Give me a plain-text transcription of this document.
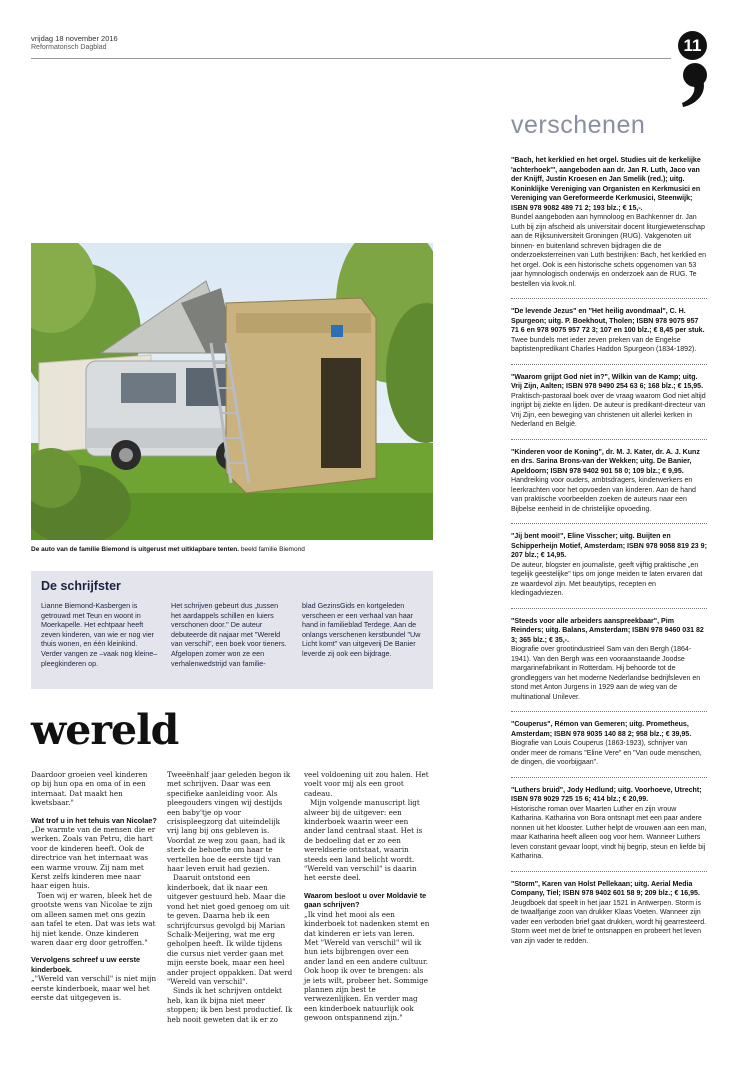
vrijdag 18 november 2016
Reformatorisch Dagblad	11
verschenen
"Bach, het kerklied en het orgel. Studies uit de kerkelijke 'achterhoek'", aangeboden aan dr. Jan R. Luth, Jaco van der Knijff, Justin Kroesen en Jan Smelik (red.); uitg. Koninklijke Vereniging van Organisten en Kerkmusici en Vereniging van Gereformeerde Kerkmusici, Steenwijk; ISBN 978 9082 489 71 2; 193 blz.; € 15,-.
Bundel aangeboden aan hymnoloog en Bachkenner dr. Jan Luth bij zijn afscheid als universitair docent liturgiewetenschap aan de Rijksuniversiteit Groningen (RUG). Vakgenoten uit binnen- en buitenland schreven bijdragen die de onderzoeksterreinen van Luth bestrijken: Bach, het kerklied en het orgel. Ook is een historische schets opgenomen van 53 jaar hymnologisch onderwijs en onderzoek aan de RUG. Te bestellen via kvok.nl.
"De levende Jezus" en "Het heilig avondmaal", C. H. Spurgeon; uitg. P. Boekhout, Tholen; ISBN 978 9075 957 71 6 en 978 9075 957 72 3; 107 en 100 blz.; € 8,45 per stuk.
Twee bundels met ieder zeven preken van de Engelse baptistenpredikant Charles Haddon Spurgeon (1834-1892).
"Waarom grijpt God niet in?", Wilkin van de Kamp; uitg. Vrij Zijn, Aalten; ISBN 978 9490 254 63 6; 168 blz.; € 15,95.
Praktisch-pastoraal boek over de vraag waarom God niet altijd ingrijpt bij ziekte en lijden. De auteur is predikant-directeur van Vrij Zijn, een beweging van christenen uit allerlei kerken in Nederland en België.
"Kinderen voor de Koning", dr. M. J. Kater, dr. A. J. Kunz en drs. Sarina Brons-van der Wekken; uitg. De Banier, Apeldoorn; ISBN 978 9402 901 58 0; 109 blz.; € 9,95.
Handreiking voor ouders, ambtsdragers, kinderwerkers en leerkrachten voor het opvoeden van kinderen. Aan de hand van praktische voorbeelden zoeken de auteurs naar een Bijbelse eenheid in de christelijke opvoeding.
"Jij bent mooi!", Eline Visscher; uitg. Buijten en Schipperheijn Motief, Amsterdam; ISBN 978 9058 819 23 9; 207 blz.; € 14,95.
De auteur, blogster en journaliste, geeft vijftig praktische „en tegelijk geestelijke" tips om jonge meiden te laten ervaren dat ze waardevol zijn. Met beautytips, recepten en kledingadviezen.
"Steeds voor alle arbeiders aanspreekbaar", Pim Reinders; uitg. Balans, Amsterdam; ISBN 978 9460 031 82 3; 365 blz.; € 35,-.
Biografie over grootindustrieel Sam van den Bergh (1864-1941). Van den Bergh was een vooraanstaande Joodse margarinefabrikant in Rotterdam. Hij behoorde tot de grondleggers van het moderne Nederlandse bedrijfsleven en stond met Anton Jurgens in 1929 aan de wieg van de multinational Unilever.
"Couperus", Rémon van Gemeren; uitg. Prometheus, Amsterdam; ISBN 978 9035 140 88 2; 958 blz.; € 39,95.
Biografie van Louis Couperus (1863-1923), schrijver van onder meer de romans "Eline Vere" en "Van oude menschen, de dingen, die voorbijgaan".
"Luthers bruid", Jody Hedlund; uitg. Voorhoeve, Utrecht; ISBN 978 9029 725 15 6; 414 blz.; € 20,99.
Historische roman over Maarten Luther en zijn vrouw Katharina. Katharina von Bora ontsnapt met een paar andere nonnen uit het klooster. Luther helpt de vrouwen aan een man, maar Katharina heeft alleen oog voor hem. Wanneer Luthers leven constant gevaar loopt, vindt hij begrip, steun en liefde bij Katharina.
"Storm", Karen van Holst Pellekaan; uitg. Aerial Media Company, Tiel; ISBN 978 9402 601 58 9; 209 blz.; € 16,95.
Jeugdboek dat speelt in het jaar 1521 in Antwerpen. Storm is de twaalfjarige zoon van drukker Klaas Voeten. Wanneer zijn vader een verboden brief gaat drukken, wordt hij gearresteerd. Storm weet met de brief te ontsnappen en probeert het leven van zijn vader te redden.
De auto van de familie Biemond is uitgerust met uitklapbare tenten. beeld familie Biemond
De schrijfster
Lianne Biemond-Kasbergen is getrouwd met Teun en woont in Moerkapelle. Het echtpaar heeft zeven kinderen, van wie er nog vier thuis wonen, en één kleinkind. Verder vangen ze –vaak nog kleine– pleegkinderen op.
Het schrijven gebeurt dus „tussen het aardappels schillen en luiers verschonen door." De auteur debuteerde dit najaar met "Wereld van verschil", een boek voor tieners. Afgelopen zomer won ze een verhalenwedstrijd van familie-
blad GezinsGids en kortgeleden verscheen er een verhaal van haar hand in familieblad Terdege. Aan de onlangs verschenen kerstbundel "Uw Licht komt" van uitgeverij De Banier leverde zij ook een bijdrage.
wereld

Daardoor groeien veel kinderen op bij hun opa en oma of in een internaat. Dat maakt hen kwetsbaar."

Wat trof u in het tehuis van Nicolae?

„De warmte van de mensen die er werken. Zoals van Petru, die hart voor de kinderen heeft. Ook de directrice van het internaat was een warme vrouw. Zij nam met Kerst zelfs kinderen mee naar haar eigen huis.

Toen wij er waren, bleek het de grootste wens van Nicolae te zijn om alleen samen met ons gezin aan tafel te eten. Dat was iets wat hij niet kende. Onze kinderen waren daar erg door getroffen."

Vervolgens schreef u uw eerste kinderboek.

„"Wereld van verschil" is niet mijn eerste kinderboek, maar wel het eerste dat uitgegeven is.

Tweeënhalf jaar geleden begon ik met schrijven. Daar was een specifieke aanleiding voor. Als pleegouders vingen wij destijds een baby'tje op voor crisispleegzorg dat uiteindelijk vrij lang bij ons gebleven is. Voordat ze weg zou gaan, had ik sterk de behoefte om haar te vertellen hoe de eerste tijd van haar leven eruit had gezien.

Daaruit ontstond een kinderboek, dat ik naar een uitgever gestuurd heb. Maar die vond het niet goed genoeg om uit te geven. Daarna heb ik een schrijfcursus gevolgd bij Marian Schalk-Meijering, wat me erg geholpen heeft. Ik wilde tijdens die cursus niet verder gaan met mijn eerste boek, maar een heel ander project oppakken. Dat werd "Wereld van verschil".

Sinds ik het schrijven ontdekt heb, kan ik bijna niet meer stoppen; ik ben best productief. Ik heb nooit geweten dat ik er zo

veel voldoening uit zou halen. Het voelt voor mij als een groot cadeau.

Mijn volgende manuscript ligt alweer bij de uitgever: een kinderboek waarin weer een ander land centraal staat. Het is de bedoeling dat er zo een wereldserie ontstaat, waarin steeds een land belicht wordt. "Wereld van verschil" is daarin het eerste deel.

Waarom besloot u over Moldavië te gaan schrijven?

„Ik vind het mooi als een kinderboek tot nadenken stemt en dat kinderen er iets van leren. Met "Wereld van verschil" wil ik hun iets bijbrengen over een ander land en een andere cultuur. Ook hoop ik over te brengen: als je iets wilt, probeer het. Sommige plannen zijn best te verwezenlijken. En verder mag een kinderboek natuurlijk ook gewoon ontspannend zijn."
